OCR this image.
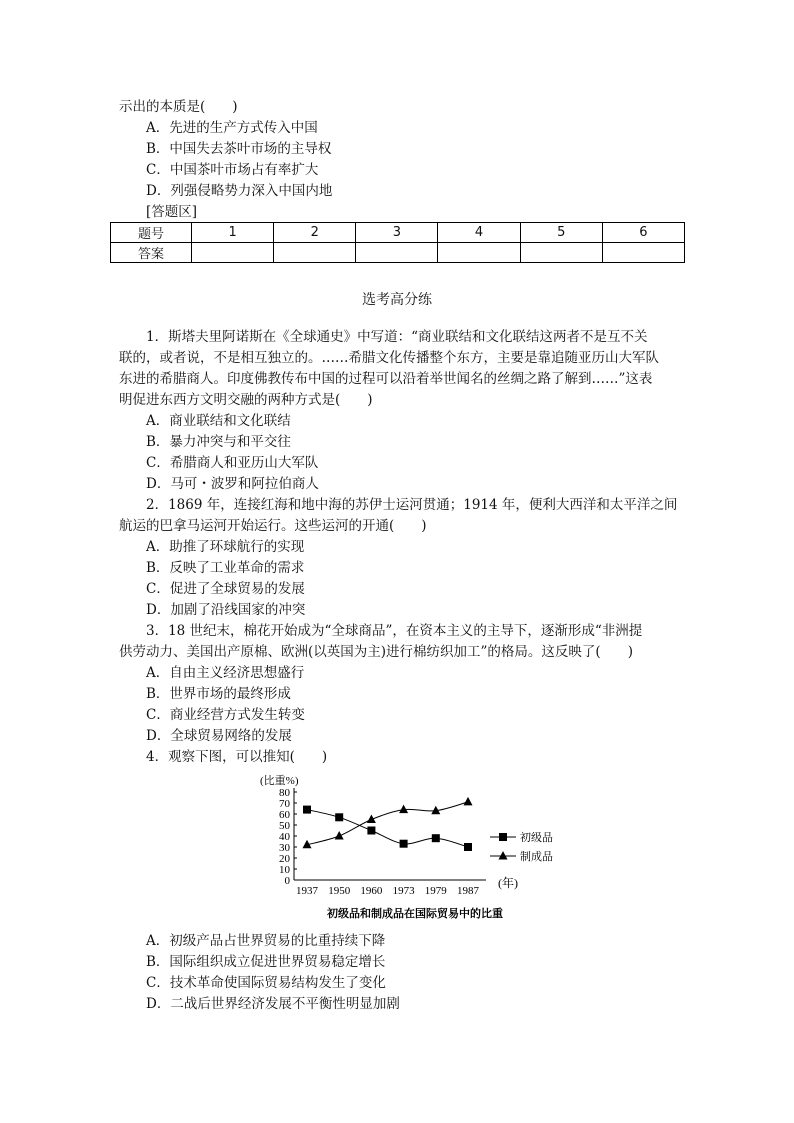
示出的本质是(　　)
A．先进的生产方式传入中国
B．中国失去茶叶市场的主导权
C．中国茶叶市场占有率扩大
D．列强侵略势力深入中国内地
[答题区]
题号	1	2	3	4	5	6
答案						
选考高分练
1．斯塔夫里阿诺斯在《全球通史》中写道：“商业联结和文化联结这两者不是互不关
联的，或者说，不是相互独立的。……希腊文化传播整个东方，主要是靠追随亚历山大军队
东进的希腊商人。印度佛教传布中国的过程可以沿着举世闻名的丝绸之路了解到……”这表
明促进东西方文明交融的两种方式是(　　)
A．商业联结和文化联结
B．暴力冲突与和平交往
C．希腊商人和亚历山大军队
D．马可・波罗和阿拉伯商人
2．1869 年，连接红海和地中海的苏伊士运河贯通；1914 年，便利大西洋和太平洋之间
航运的巴拿马运河开始运行。这些运河的开通(　　)
A．助推了环球航行的实现
B．反映了工业革命的需求
C．促进了全球贸易的发展
D．加剧了沿线国家的冲突
3．18 世纪末，棉花开始成为“全球商品”，在资本主义的主导下，逐渐形成“非洲提
供劳动力、美国出产原棉、欧洲(以英国为主)进行棉纺织加工”的格局。这反映了(　　)
A．自由主义经济思想盛行
B．世界市场的最终形成
C．商业经营方式发生转变
D．全球贸易网络的发展
4．观察下图，可以推知(　　)
(比重%)
0
10
20
30
40
50
60
70
80
1937 1950 1960 1973 1979 1987
初级品
制成品
(年)
初级品和制成品在国际贸易中的比重
A．初级产品占世界贸易的比重持续下降
B．国际组织成立促进世界贸易稳定增长
C．技术革命使国际贸易结构发生了变化
D．二战后世界经济发展不平衡性明显加剧
